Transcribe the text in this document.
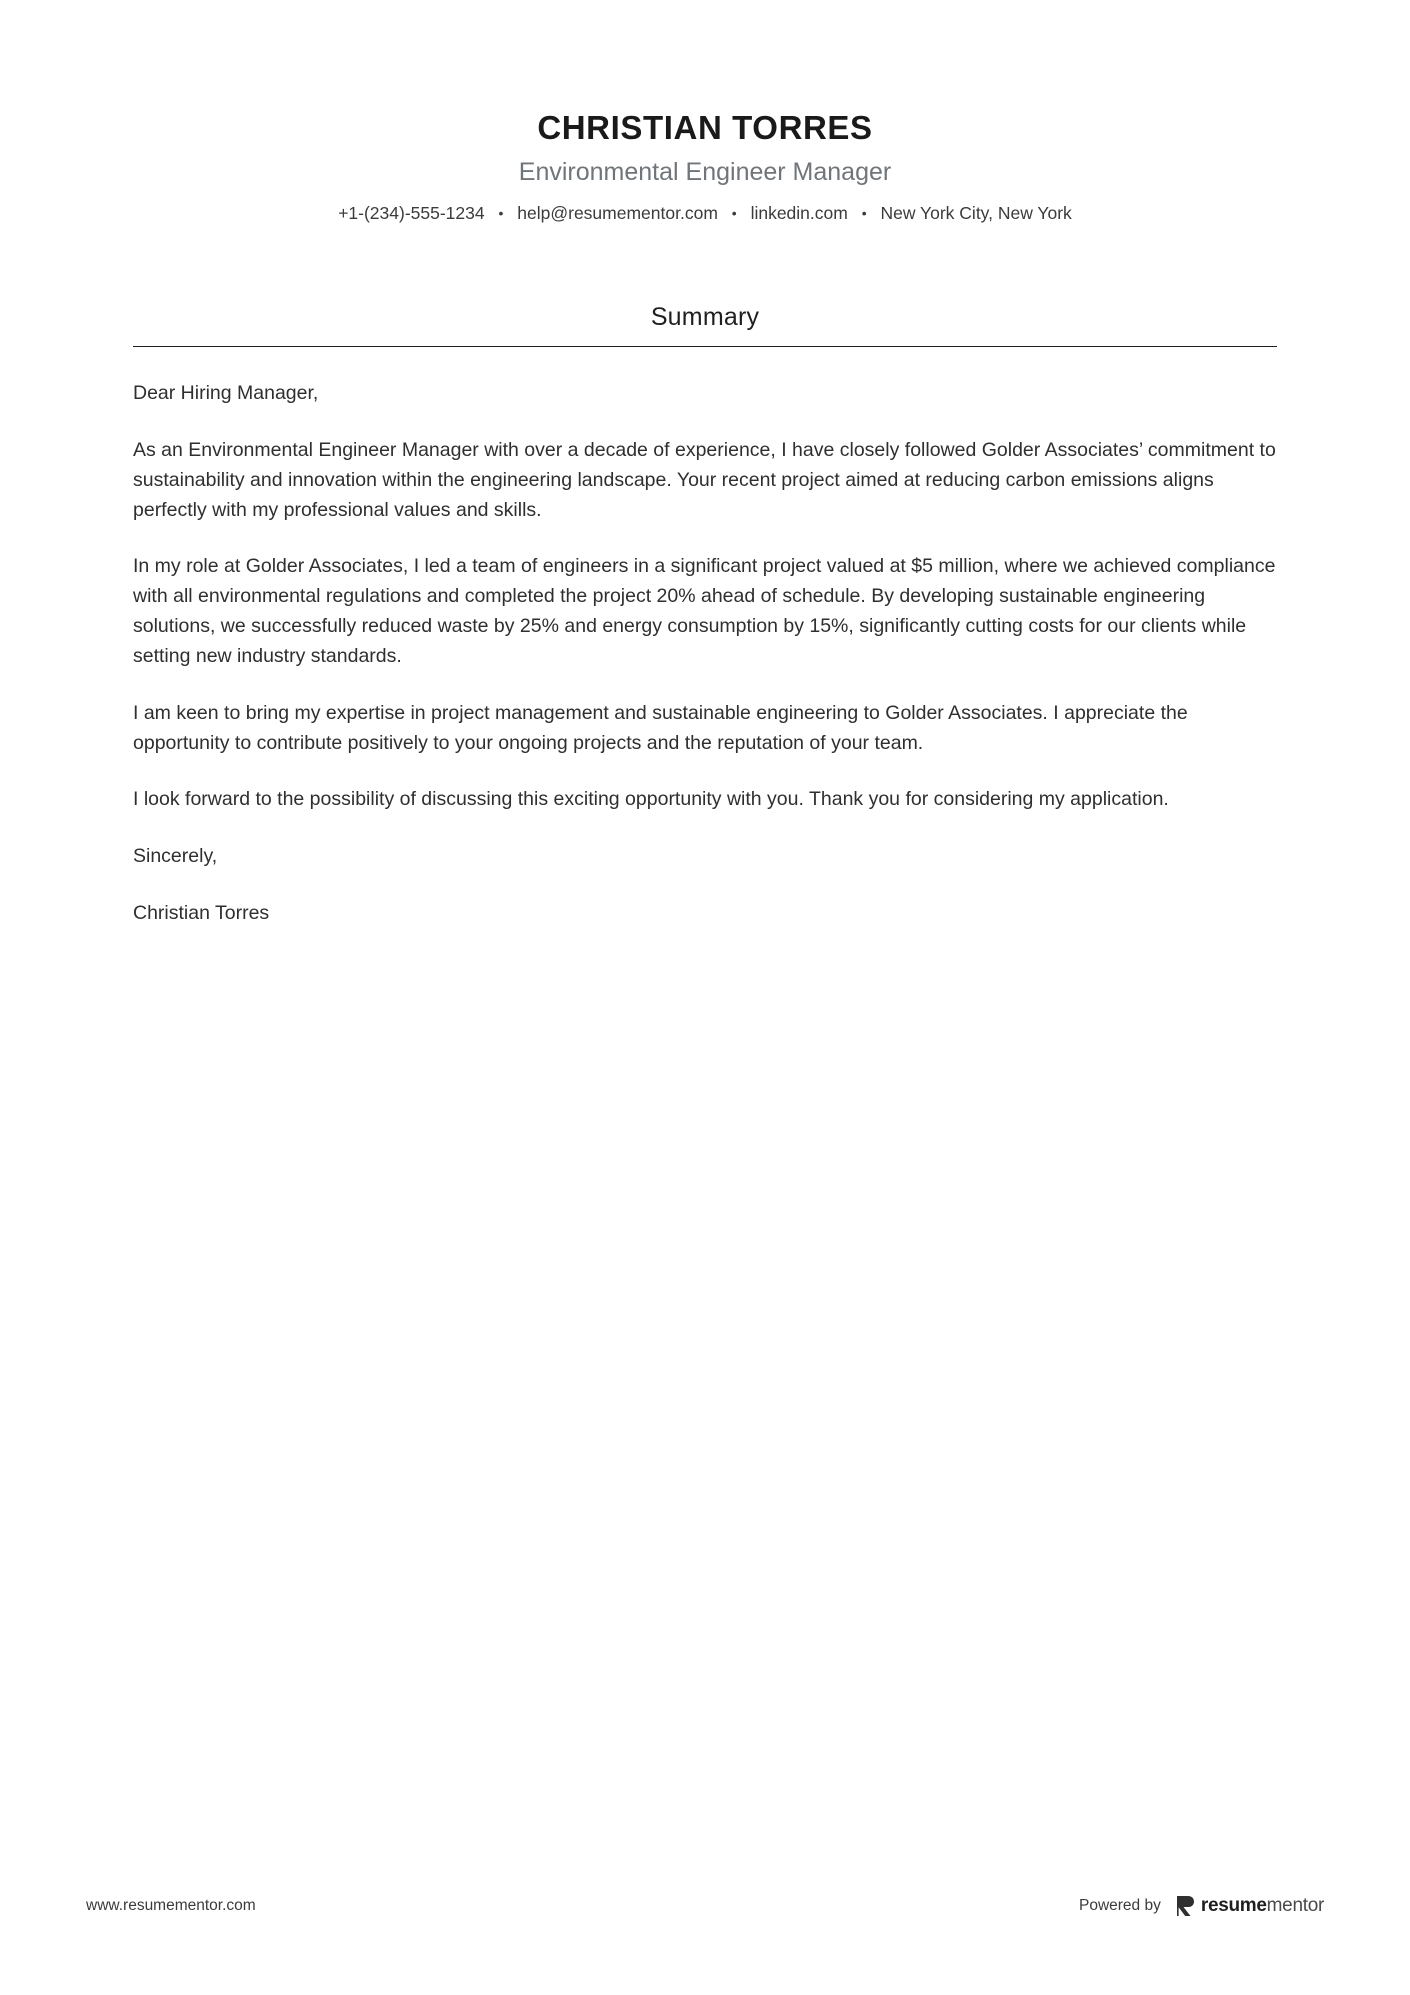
CHRISTIAN TORRES
Environmental Engineer Manager
+1-(234)-555-1234 • help@resumementor.com • linkedin.com • New York City, New York
Summary

Dear Hiring Manager,

As an Environmental Engineer Manager with over a decade of experience, I have closely followed Golder Associates’ commitment to sustainability and innovation within the engineering landscape. Your recent project aimed at reducing carbon emissions aligns perfectly with my professional values and skills.

In my role at Golder Associates, I led a team of engineers in a significant project valued at $5 million, where we achieved compliance with all environmental regulations and completed the project 20% ahead of schedule. By developing sustainable engineering solutions, we successfully reduced waste by 25% and energy consumption by 15%, significantly cutting costs for our clients while setting new industry standards.

I am keen to bring my expertise in project management and sustainable engineering to Golder Associates. I appreciate the opportunity to contribute positively to your ongoing projects and the reputation of your team.

I look forward to the possibility of discussing this exciting opportunity with you. Thank you for considering my application.

Sincerely,

Christian Torres

www.resumementor.com	Powered by resumementor
